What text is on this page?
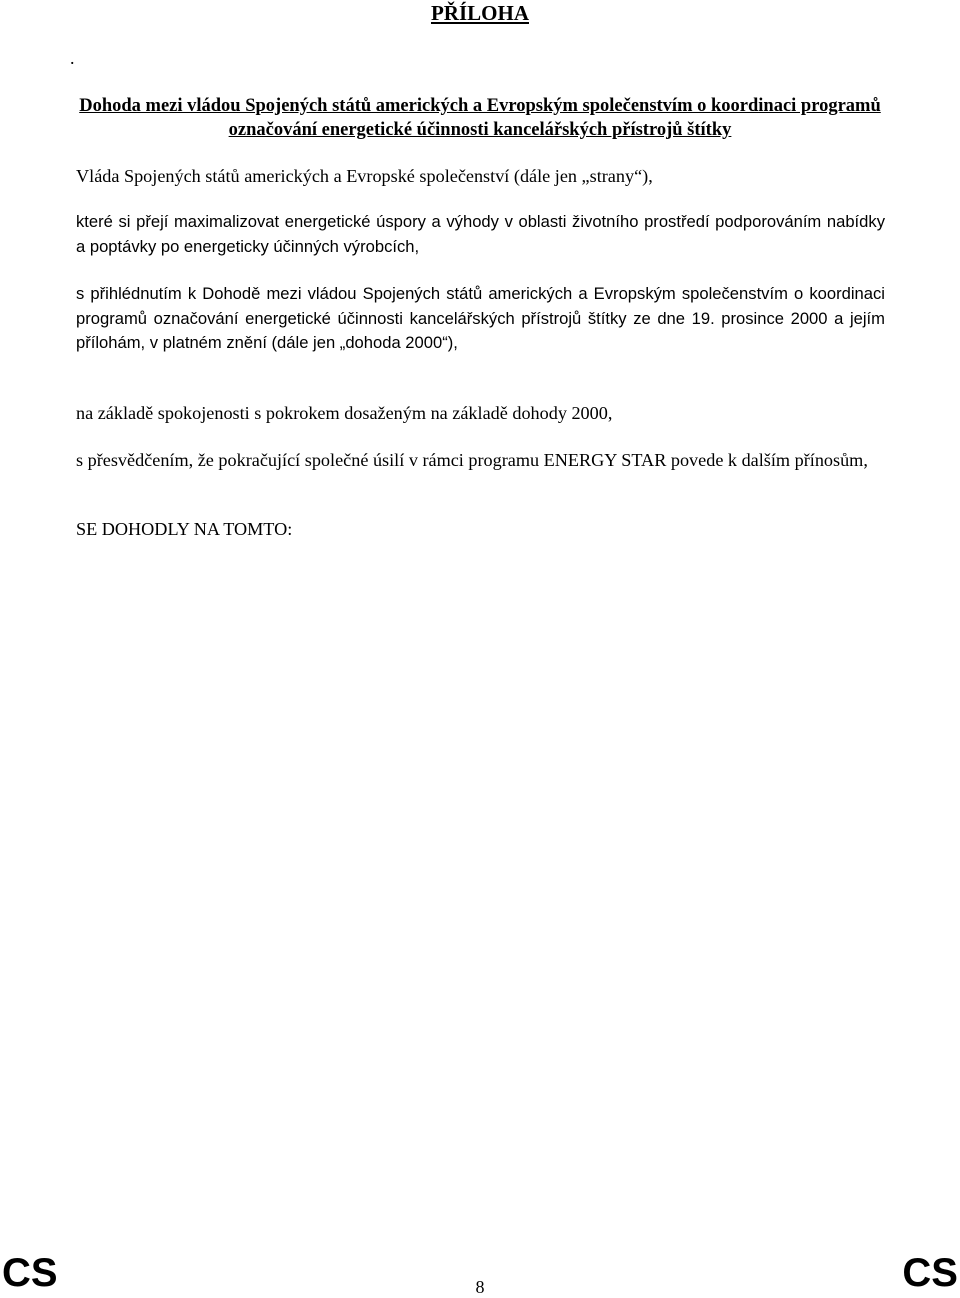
PŘÍLOHA
.
Dohoda mezi vládou Spojených států amerických a Evropským společenstvím o koordinaci programů označování energetické účinnosti kancelářských přístrojů štítky
Vláda Spojených států amerických a Evropské společenství (dále jen „strany“),
které si přejí maximalizovat energetické úspory a výhody v oblasti životního prostředí podporováním nabídky a poptávky po energeticky účinných výrobcích,
s přihlédnutím k Dohodě mezi vládou Spojených států amerických a Evropským společenstvím o koordinaci programů označování energetické účinnosti kancelářských přístrojů štítky ze dne 19. prosince 2000 a jejím přílohám, v platném znění (dále jen „dohoda 2000“),
na základě spokojenosti s pokrokem dosaženým na základě dohody 2000,
s přesvědčením, že pokračující společné úsilí v rámci programu ENERGY STAR povede k dalším přínosům,
SE DOHODLY NA TOMTO:
CS	8	CS
